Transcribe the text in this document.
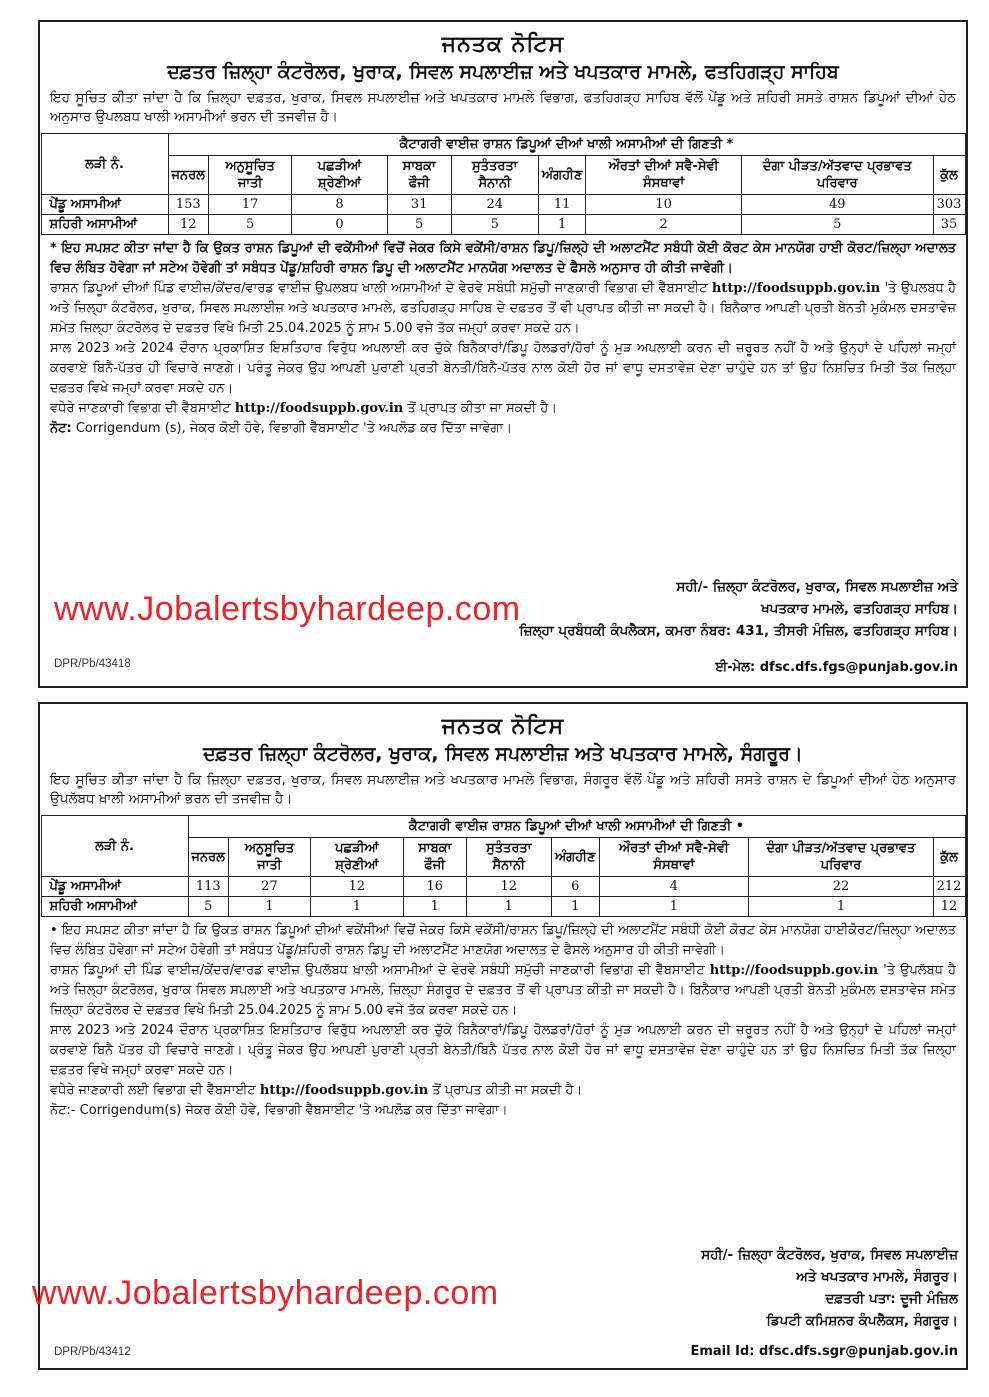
ਜਨਤਕ ਨੋਟਿਸ
ਦਫ਼ਤਰ ਜ਼ਿਲ੍ਹਾ ਕੰਟਰੋਲਰ, ਖੁਰਾਕ, ਸਿਵਲ ਸਪਲਾਈਜ਼ ਅਤੇ ਖਪਤਕਾਰ ਮਾਮਲੇ, ਫਤਹਿਗੜ੍ਹ ਸਾਹਿਬ
ਇਹ ਸੂਚਿਤ ਕੀਤਾ ਜਾਂਦਾ ਹੈ ਕਿ ਜ਼ਿਲ੍ਹਾ ਦਫ਼ਤਰ, ਖੁਰਾਕ, ਸਿਵਲ ਸਪਲਾਈਜ਼ ਅਤੇ ਖਪਤਕਾਰ ਮਾਮਲੇ ਵਿਭਾਗ, ਫਤਹਿਗੜ੍ਹ ਸਾਹਿਬ ਵੱਲੋਂ ਪੇਂਡੂ ਅਤੇ ਸ਼ਹਿਰੀ ਸਸਤੇ ਰਾਸ਼ਨ ਡਿਪੂਆਂ ਦੀਆਂ ਹੇਠ ਅਨੁਸਾਰ ਉਪਲਬਧ ਖਾਲੀ ਅਸਾਮੀਆਂ ਭਰਨ ਦੀ ਤਜਵੀਜ਼ ਹੈ।
ਲੜੀ ਨੰ.	ਕੈਟਾਗਰੀ ਵਾਈਜ਼ ਰਾਸ਼ਨ ਡਿਪੂਆਂ ਦੀਆਂ ਖਾਲੀ ਅਸਾਮੀਆਂ ਦੀ ਗਿਣਤੀ *								
	ਜਨਰਲ	ਅਨੁਸੂਚਿਤ ਜਾਤੀ	ਪਛੜੀਆਂ ਸ਼੍ਰੇਣੀਆਂ	ਸਾਬਕਾ ਫੌਜੀ	ਸੁਤੰਤਰਤਾ ਸੈਨਾਨੀ	ਅੰਗਹੀਣ	ਔਰਤਾਂ ਦੀਆਂ ਸਵੈ-ਸੇਵੀ ਸੰਸਥਾਵਾਂ	ਦੰਗਾ ਪੀੜਤ/ਅੱਤਵਾਦ ਪ੍ਰਭਾਵਤ ਪਰਿਵਾਰ	ਕੁੱਲ
ਪੇਂਡੂ ਅਸਾਮੀਆਂ	153	17	8	31	24	11	10	49	303
ਸ਼ਹਿਰੀ ਅਸਾਮੀਆਂ	12	5	0	5	5	1	2	5	35

* ਇਹ ਸਪਸ਼ਟ ਕੀਤਾ ਜਾਂਦਾ ਹੈ ਕਿ ਉਕਤ ਰਾਸ਼ਨ ਡਿਪੂਆਂ ਦੀ ਵਕੇਂਸੀਆਂ ਵਿਚੋਂ ਜੇਕਰ ਕਿਸੇ ਵਕੇਂਸੀ/ਰਾਸ਼ਨ ਡਿਪੂ/ਜ਼ਿਲ੍ਹੇ ਦੀ ਅਲਾਟਮੈਂਟ ਸਬੰਧੀ ਕੋਈ ਕੋਰਟ ਕੇਸ ਮਾਨਯੋਗ ਹਾਈ ਕੋਰਟ/ਜ਼ਿਲ੍ਹਾ ਅਦਾਲਤ ਵਿਚ ਲੰਬਿਤ ਹੋਵੇਗਾ ਜਾਂ ਸਟੇਅ ਹੋਵੇਗੀ ਤਾਂ ਸਬੰਧਤ ਪੇਂਡੂ/ਸ਼ਹਿਰੀ ਰਾਸ਼ਨ ਡਿਪੂ ਦੀ ਅਲਾਟਮੈਂਟ ਮਾਨਯੋਗ ਅਦਾਲਤ ਦੇ ਫੈਸਲੇ ਅਨੁਸਾਰ ਹੀ ਕੀਤੀ ਜਾਵੇਗੀ।

ਰਾਸ਼ਨ ਡਿਪੂਆਂ ਦੀਆਂ ਪਿੰਡ ਵਾਈਜ਼/ਕੇਂਦਰ/ਵਾਰਡ ਵਾਈਜ਼ ਉਪਲਬਧ ਖਾਲੀ ਅਸਾਮੀਆਂ ਦੇ ਵੇਰਵੇ ਸਬੰਧੀ ਸਮੁੱਚੀ ਜਾਣਕਾਰੀ ਵਿਭਾਗ ਦੀ ਵੈੱਬਸਾਈਟ http://foodsuppb.gov.in 'ਤੇ ਉਪਲਬਧ ਹੈ ਅਤੇ ਜ਼ਿਲ੍ਹਾ ਕੰਟਰੋਲਰ, ਖੁਰਾਕ, ਸਿਵਲ ਸਪਲਾਈਜ਼ ਅਤੇ ਖਪਤਕਾਰ ਮਾਮਲੇ, ਫਤਹਿਗੜ੍ਹ ਸਾਹਿਬ ਦੇ ਦਫ਼ਤਰ ਤੋਂ ਵੀ ਪ੍ਰਾਪਤ ਕੀਤੀ ਜਾ ਸਕਦੀ ਹੈ। ਬਿਨੈਕਾਰ ਆਪਣੀ ਪ੍ਰਤੀ ਬੇਨਤੀ ਮੁਕੰਮਲ ਦਸਤਾਵੇਜ਼ ਸਮੇਤ ਜ਼ਿਲ੍ਹਾ ਕੰਟਰੋਲਰ ਦੇ ਦਫ਼ਤਰ ਵਿਖੇ ਮਿਤੀ 25.04.2025 ਨੂੰ ਸ਼ਾਮ 5.00 ਵਜੇ ਤੱਕ ਜਮ੍ਹਾਂ ਕਰਵਾ ਸਕਦੇ ਹਨ।

ਸਾਲ 2023 ਅਤੇ 2024 ਦੌਰਾਨ ਪ੍ਰਕਾਸ਼ਿਤ ਇਸ਼ਤਿਹਾਰ ਵਿਰੁੱਧ ਅਪਲਾਈ ਕਰ ਚੁੱਕੇ ਬਿਨੈਕਾਰਾਂ/ਡਿਪੂ ਹੋਲਡਰਾਂ/ਹੋਰਾਂ ਨੂੰ ਮੁੜ ਅਪਲਾਈ ਕਰਨ ਦੀ ਜ਼ਰੂਰਤ ਨਹੀਂ ਹੈ ਅਤੇ ਉਨ੍ਹਾਂ ਦੇ ਪਹਿਲਾਂ ਜਮ੍ਹਾਂ ਕਰਵਾਏ ਬਿਨੈ-ਪੱਤਰ ਹੀ ਵਿਚਾਰੇ ਜਾਣਗੇ। ਪਰੰਤੂ ਜੇਕਰ ਉਹ ਆਪਣੀ ਪੁਰਾਣੀ ਪ੍ਰਤੀ ਬੇਨਤੀ/ਬਿਨੈ-ਪੱਤਰ ਨਾਲ ਕੋਈ ਹੋਰ ਜਾਂ ਵਾਧੂ ਦਸਤਾਵੇਜ਼ ਦੇਣਾ ਚਾਹੁੰਦੇ ਹਨ ਤਾਂ ਉਹ ਨਿਸ਼ਚਿਤ ਮਿਤੀ ਤੱਕ ਜ਼ਿਲ੍ਹਾ ਦਫ਼ਤਰ ਵਿਖੇ ਜਮ੍ਹਾਂ ਕਰਵਾ ਸਕਦੇ ਹਨ।

ਵਧੇਰੇ ਜਾਣਕਾਰੀ ਵਿਭਾਗ ਦੀ ਵੈੱਬਸਾਈਟ http://foodsuppb.gov.in ਤੋਂ ਪ੍ਰਾਪਤ ਕੀਤਾ ਜਾ ਸਕਦੀ ਹੈ।

ਨੋਟ: Corrigendum (s), ਜੇਕਰ ਕੋਈ ਹੋਵੇ, ਵਿਭਾਗੀ ਵੈੱਬਸਾਈਟ 'ਤੇ ਅਪਲੋਡ ਕਰ ਦਿੱਤਾ ਜਾਵੇਗਾ।

www.Jobalertsbyhardeep.com
ਸਹੀ/- ਜ਼ਿਲ੍ਹਾ ਕੰਟਰੋਲਰ, ਖੁਰਾਕ, ਸਿਵਲ ਸਪਲਾਈਜ਼ ਅਤੇ
ਖਪਤਕਾਰ ਮਾਮਲੇ, ਫਤਹਿਗੜ੍ਹ ਸਾਹਿਬ।
ਜ਼ਿਲ੍ਹਾ ਪ੍ਰਬੰਧਕੀ ਕੰਪਲੈਕਸ, ਕਮਰਾ ਨੰਬਰ: 431, ਤੀਸਰੀ ਮੰਜ਼ਿਲ, ਫਤਹਿਗੜ੍ਹ ਸਾਹਿਬ।
DPR/Pb/43418	ਈ-ਮੇਲ: dfsc.dfs.fgs@punjab.gov.in
ਜਨਤਕ ਨੋਟਿਸ
ਦਫ਼ਤਰ ਜ਼ਿਲ੍ਹਾ ਕੰਟਰੋਲਰ, ਖੁਰਾਕ, ਸਿਵਲ ਸਪਲਾਈਜ਼ ਅਤੇ ਖਪਤਕਾਰ ਮਾਮਲੇ, ਸੰਗਰੂਰ।
ਇਹ ਸੂਚਿਤ ਕੀਤਾ ਜਾਂਦਾ ਹੈ ਕਿ ਜ਼ਿਲ੍ਹਾ ਦਫ਼ਤਰ, ਖੁਰਾਕ, ਸਿਵਲ ਸਪਲਾਈਜ਼ ਅਤੇ ਖਪਤਕਾਰ ਮਾਮਲੇ ਵਿਭਾਗ, ਸੰਗਰੂਰ ਵੱਲੋਂ ਪੇਂਡੂ ਅਤੇ ਸ਼ਹਿਰੀ ਸਸਤੇ ਰਾਸ਼ਨ ਦੇ ਡਿਪੂਆਂ ਦੀਆਂ ਹੇਠ ਅਨੁਸਾਰ ਉਪਲੱਬਧ ਖ਼ਾਲੀ ਅਸਾਮੀਆਂ ਭਰਨ ਦੀ ਤਜਵੀਜ਼ ਹੈ।
ਲੜੀ ਨੰ.	ਕੈਟਾਗਰੀ ਵਾਈਜ਼ ਰਾਸ਼ਨ ਡਿਪੂਆਂ ਦੀਆਂ ਖਾਲੀ ਅਸਾਮੀਆਂ ਦੀ ਗਿਣਤੀ •								
	ਜਨਰਲ	ਅਨੁਸੂਚਿਤ ਜਾਤੀ	ਪਛੜੀਆਂ ਸ਼੍ਰੇਣੀਆਂ	ਸਾਬਕਾ ਫੌਜੀ	ਸੁਤੰਤਰਤਾ ਸੈਨਾਨੀ	ਅੰਗਹੀਣ	ਔਰਤਾਂ ਦੀਆਂ ਸਵੈ-ਸੇਵੀ ਸੰਸਥਾਵਾਂ	ਦੰਗਾ ਪੀੜਤ/ਅੱਤਵਾਦ ਪ੍ਰਭਾਵਤ ਪਰਿਵਾਰ	ਕੁੱਲ
ਪੇਂਡੂ ਅਸਾਮੀਆਂ	113	27	12	16	12	6	4	22	212
ਸ਼ਹਿਰੀ ਅਸਾਮੀਆਂ	5	1	1	1	1	1	1	1	12

• ਇਹ ਸਪਸ਼ਟ ਕੀਤਾ ਜਾਂਦਾ ਹੈ ਕਿ ਉਕਤ ਰਾਸ਼ਨ ਡਿਪੂਆਂ ਦੀਆਂ ਵਕੇਂਸੀਆਂ ਵਿਚੋਂ ਜੇਕਰ ਕਿਸੇ ਵਕੇਂਸੀ/ਰਾਸ਼ਨ ਡਿਪੂ/ਜ਼ਿਲ੍ਹੇ ਦੀ ਅਲਾਟਮੈਂਟ ਸਬੰਧੀ ਕੋਈ ਕੋਰਟ ਕੇਸ ਮਾਨਯੋਗ ਹਾਈਕੋਰਟ/ਜ਼ਿਲ੍ਹਾ ਅਦਾਲਤ ਵਿਚ ਲੰਬਿਤ ਹੋਵੇਗਾ ਜਾਂ ਸਟੇਅ ਹੋਵੇਗੀ ਤਾਂ ਸਬੰਧਤ ਪੇਂਡੂ/ਸ਼ਹਿਰੀ ਰਾਸ਼ਨ ਡਿਪੂ ਦੀ ਅਲਾਟਮੈਂਟ ਮਾਣਯੋਗ ਅਦਾਲਤ ਦੇ ਫੈਸਲੇ ਅਨੁਸਾਰ ਹੀ ਕੀਤੀ ਜਾਵੇਗੀ।

ਰਾਸ਼ਨ ਡਿਪੂਆਂ ਦੀ ਪਿੰਡ ਵਾਈਜ਼/ਕੇਂਦਰ/ਵਾਰਡ ਵਾਈਜ਼ ਉਪਲੱਬਧ ਖ਼ਾਲੀ ਅਸਾਮੀਆਂ ਦੇ ਵੇਰਵੇ ਸਬੰਧੀ ਸਮੁੱਚੀ ਜਾਣਕਾਰੀ ਵਿਭਾਗ ਦੀ ਵੈੱਬਸਾਈਟ http://foodsuppb.gov.in 'ਤੇ ਉਪਲੱਬਧ ਹੈ ਅਤੇ ਜ਼ਿਲ੍ਹਾ ਕੰਟਰੋਲਰ, ਖੁਰਾਕ ਸਿਵਲ ਸਪਲਾਈ ਅਤੇ ਖਪਤਕਾਰ ਮਾਮਲੇ, ਜ਼ਿਲ੍ਹਾ ਸੰਗਰੂਰ ਦੇ ਦਫ਼ਤਰ ਤੋਂ ਵੀ ਪ੍ਰਾਪਤ ਕੀਤੀ ਜਾ ਸਕਦੀ ਹੈ। ਬਿਨੈਕਾਰ ਆਪਣੀ ਪ੍ਰਤੀ ਬੇਨਤੀ ਮੁਕੰਮਲ ਦਸਤਾਵੇਜ਼ ਸਮੇਤ ਜ਼ਿਲ੍ਹਾ ਕੰਟਰੋਲਰ ਦੇ ਦਫ਼ਤਰ ਵਿਖੇ ਮਿਤੀ 25.04.2025 ਨੂੰ ਸ਼ਾਮ 5.00 ਵਜੇ ਤੱਕ ਕਰਵਾ ਸਕਦੇ ਹਨ।

ਸਾਲ 2023 ਅਤੇ 2024 ਦੌਰਾਨ ਪ੍ਰਕਾਸ਼ਿਤ ਇਸ਼ਤਿਹਾਰ ਵਿਰੁੱਧ ਅਪਲਾਈ ਕਰ ਚੁੱਕੇ ਬਿਨੈਕਾਰਾਂ/ਡਿਪੂ ਹੋਲਡਰਾਂ/ਹੋਰਾਂ ਨੂੰ ਮੁੜ ਅਪਲਾਈ ਕਰਨ ਦੀ ਜ਼ਰੂਰਤ ਨਹੀਂ ਹੈ ਅਤੇ ਉਨ੍ਹਾਂ ਦੇ ਪਹਿਲਾਂ ਜਮ੍ਹਾਂ ਕਰਵਾਏ ਬਿਨੈ ਪੱਤਰ ਹੀ ਵਿਚਾਰੇ ਜਾਣਗੇ। ਪ੍ਰੰਤੂ ਜੇਕਰ ਉਹ ਆਪਣੀ ਪੁਰਾਣੀ ਪ੍ਰਤੀ ਬੇਨਤੀ/ਬਿਨੈ ਪੱਤਰ ਨਾਲ ਕੋਈ ਹੋਰ ਜਾਂ ਵਾਧੂ ਦਸਤਾਵੇਜ਼ ਦੇਣਾ ਚਾਹੁੰਦੇ ਹਨ ਤਾਂ ਉਹ ਨਿਸ਼ਚਿਤ ਮਿਤੀ ਤੱਕ ਜ਼ਿਲ੍ਹਾ ਦਫ਼ਤਰ ਵਿਖੇ ਜਮ੍ਹਾਂ ਕਰਵਾ ਸਕਦੇ ਹਨ।

ਵਧੇਰੇ ਜਾਣਕਾਰੀ ਲਈ ਵਿਭਾਗ ਦੀ ਵੈੱਬਸਾਈਟ http://foodsuppb.gov.in ਤੋਂ ਪ੍ਰਾਪਤ ਕੀਤੀ ਜਾ ਸਕਦੀ ਹੈ।

ਨੋਟ:- Corrigendum(s) ਜੇਕਰ ਕੋਈ ਹੋਵੇ, ਵਿਭਾਗੀ ਵੈੱਬਸਾਈਟ 'ਤੇ ਅਪਲੋਡ ਕਰ ਦਿੱਤਾ ਜਾਵੇਗਾ।

www.Jobalertsbyhardeep.com
ਸਹੀ/- ਜ਼ਿਲ੍ਹਾ ਕੰਟਰੋਲਰ, ਖੁਰਾਕ, ਸਿਵਲ ਸਪਲਾਈਜ਼
ਅਤੇ ਖਪਤਕਾਰ ਮਾਮਲੇ, ਸੰਗਰੂਰ।
ਦਫ਼ਤਰੀ ਪਤਾ: ਦੂਜੀ ਮੰਜ਼ਿਲ
ਡਿਪਟੀ ਕਮਿਸ਼ਨਰ ਕੰਪਲੈਕਸ, ਸੰਗਰੂਰ।
DPR/Pb/43412	Email Id: dfsc.dfs.sgr@punjab.gov.in
